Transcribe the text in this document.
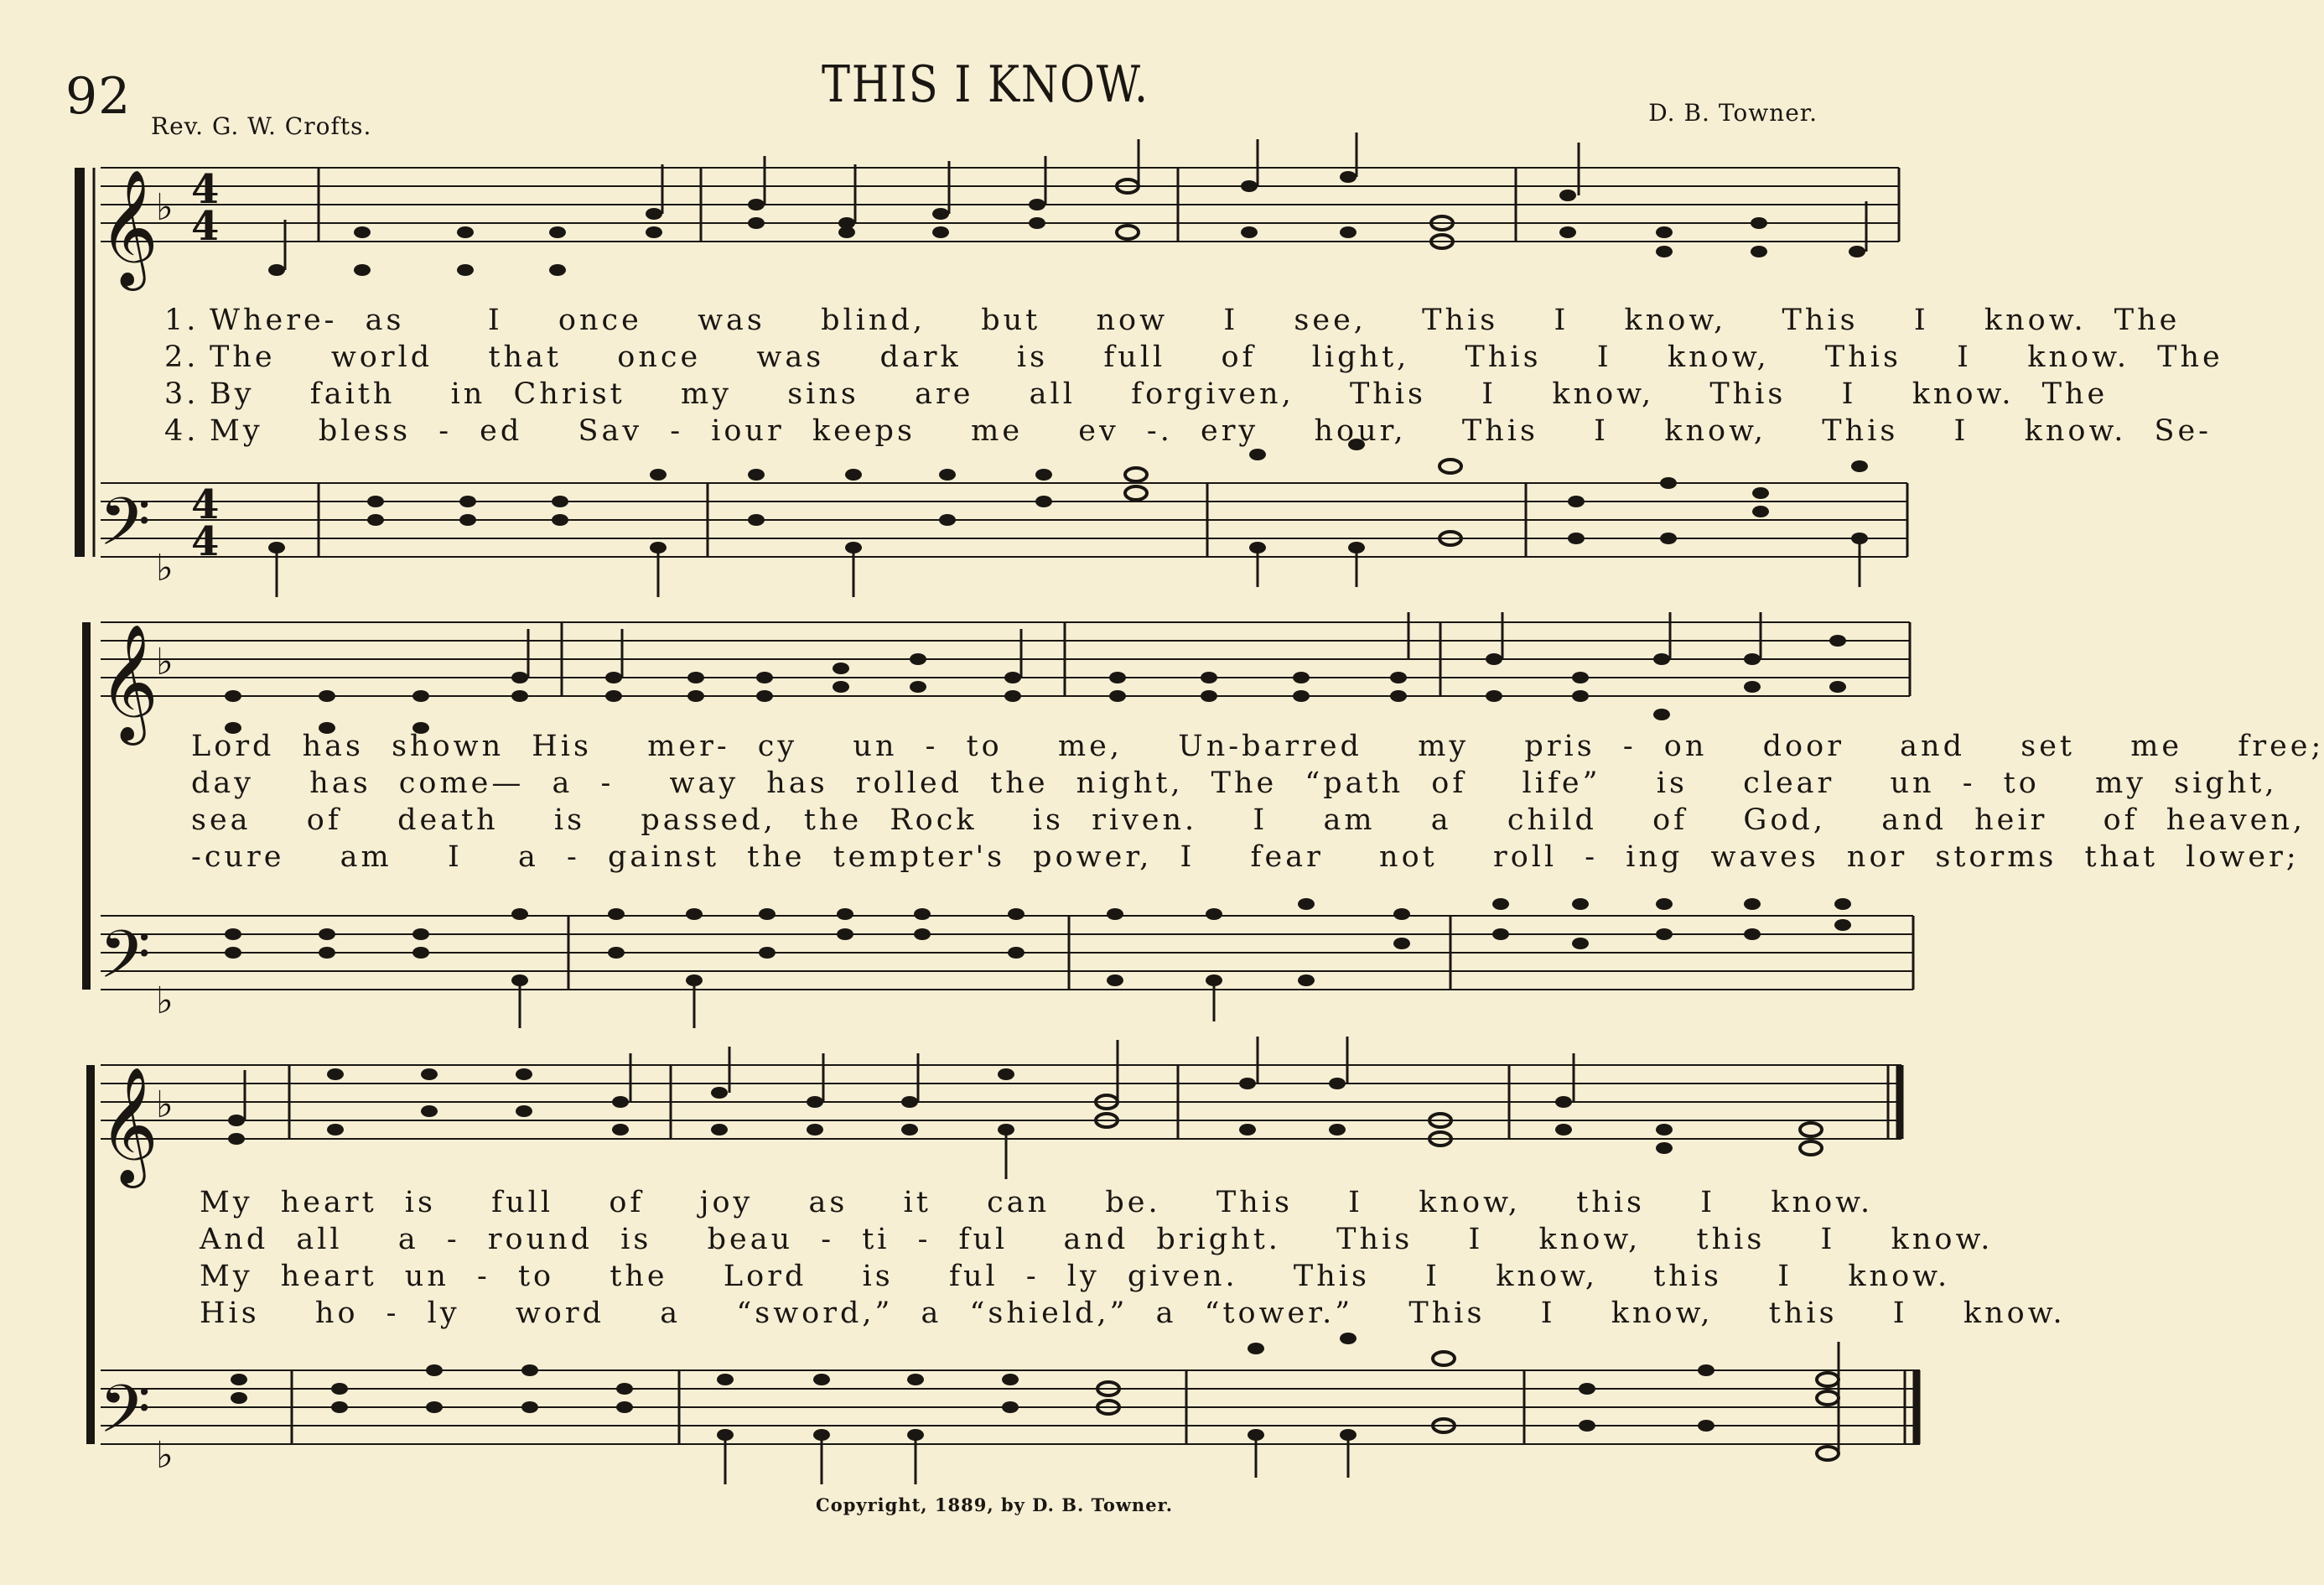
92	THIS I KNOW.
Rev. G. W. Crofts.	D. B. Towner.
𝄞
𝄢
♭
♭
𝄞
𝄢
♭
♭
𝄞
𝄢
♭
♭
4
4
4
4
1. Where- as   I  once  was  blind,  but  now  I  see,  This  I  know,  This  I  know. The
2. The  world  that  once  was  dark  is  full  of  light,  This  I  know,  This  I  know. The
3. By  faith  in Christ  my  sins  are  all  forgiven,  This  I  know,  This  I  know. The
4. My  bless - ed  Sav - iour keeps  me  ev -. ery  hour,  This  I  know,  This  I  know. Se-
Lord has shown His  mer- cy  un - to  me,  Un-barred  my  pris - on  door  and  set  me  free;
day  has come— a -  way has rolled the night, The “path of  life”  is  clear  un - to  my sight,
sea  of  death  is  passed, the Rock  is riven.  I  am  a  child  of  God,  and heir  of heaven,
-cure  am  I  a - gainst the tempter's power, I  fear  not  roll - ing waves nor storms that lower;
My heart is  full  of  joy  as  it  can  be.  This  I  know,  this  I  know.
And all  a - round is  beau - ti - ful  and bright.  This  I  know,  this  I  know.
My heart un - to  the  Lord  is  ful - ly given.  This  I  know,  this  I  know.
His  ho - ly  word  a  “sword,” a “shield,” a “tower.”  This  I  know,  this  I  know.
Copyright, 1889, by D. B. Towner.
